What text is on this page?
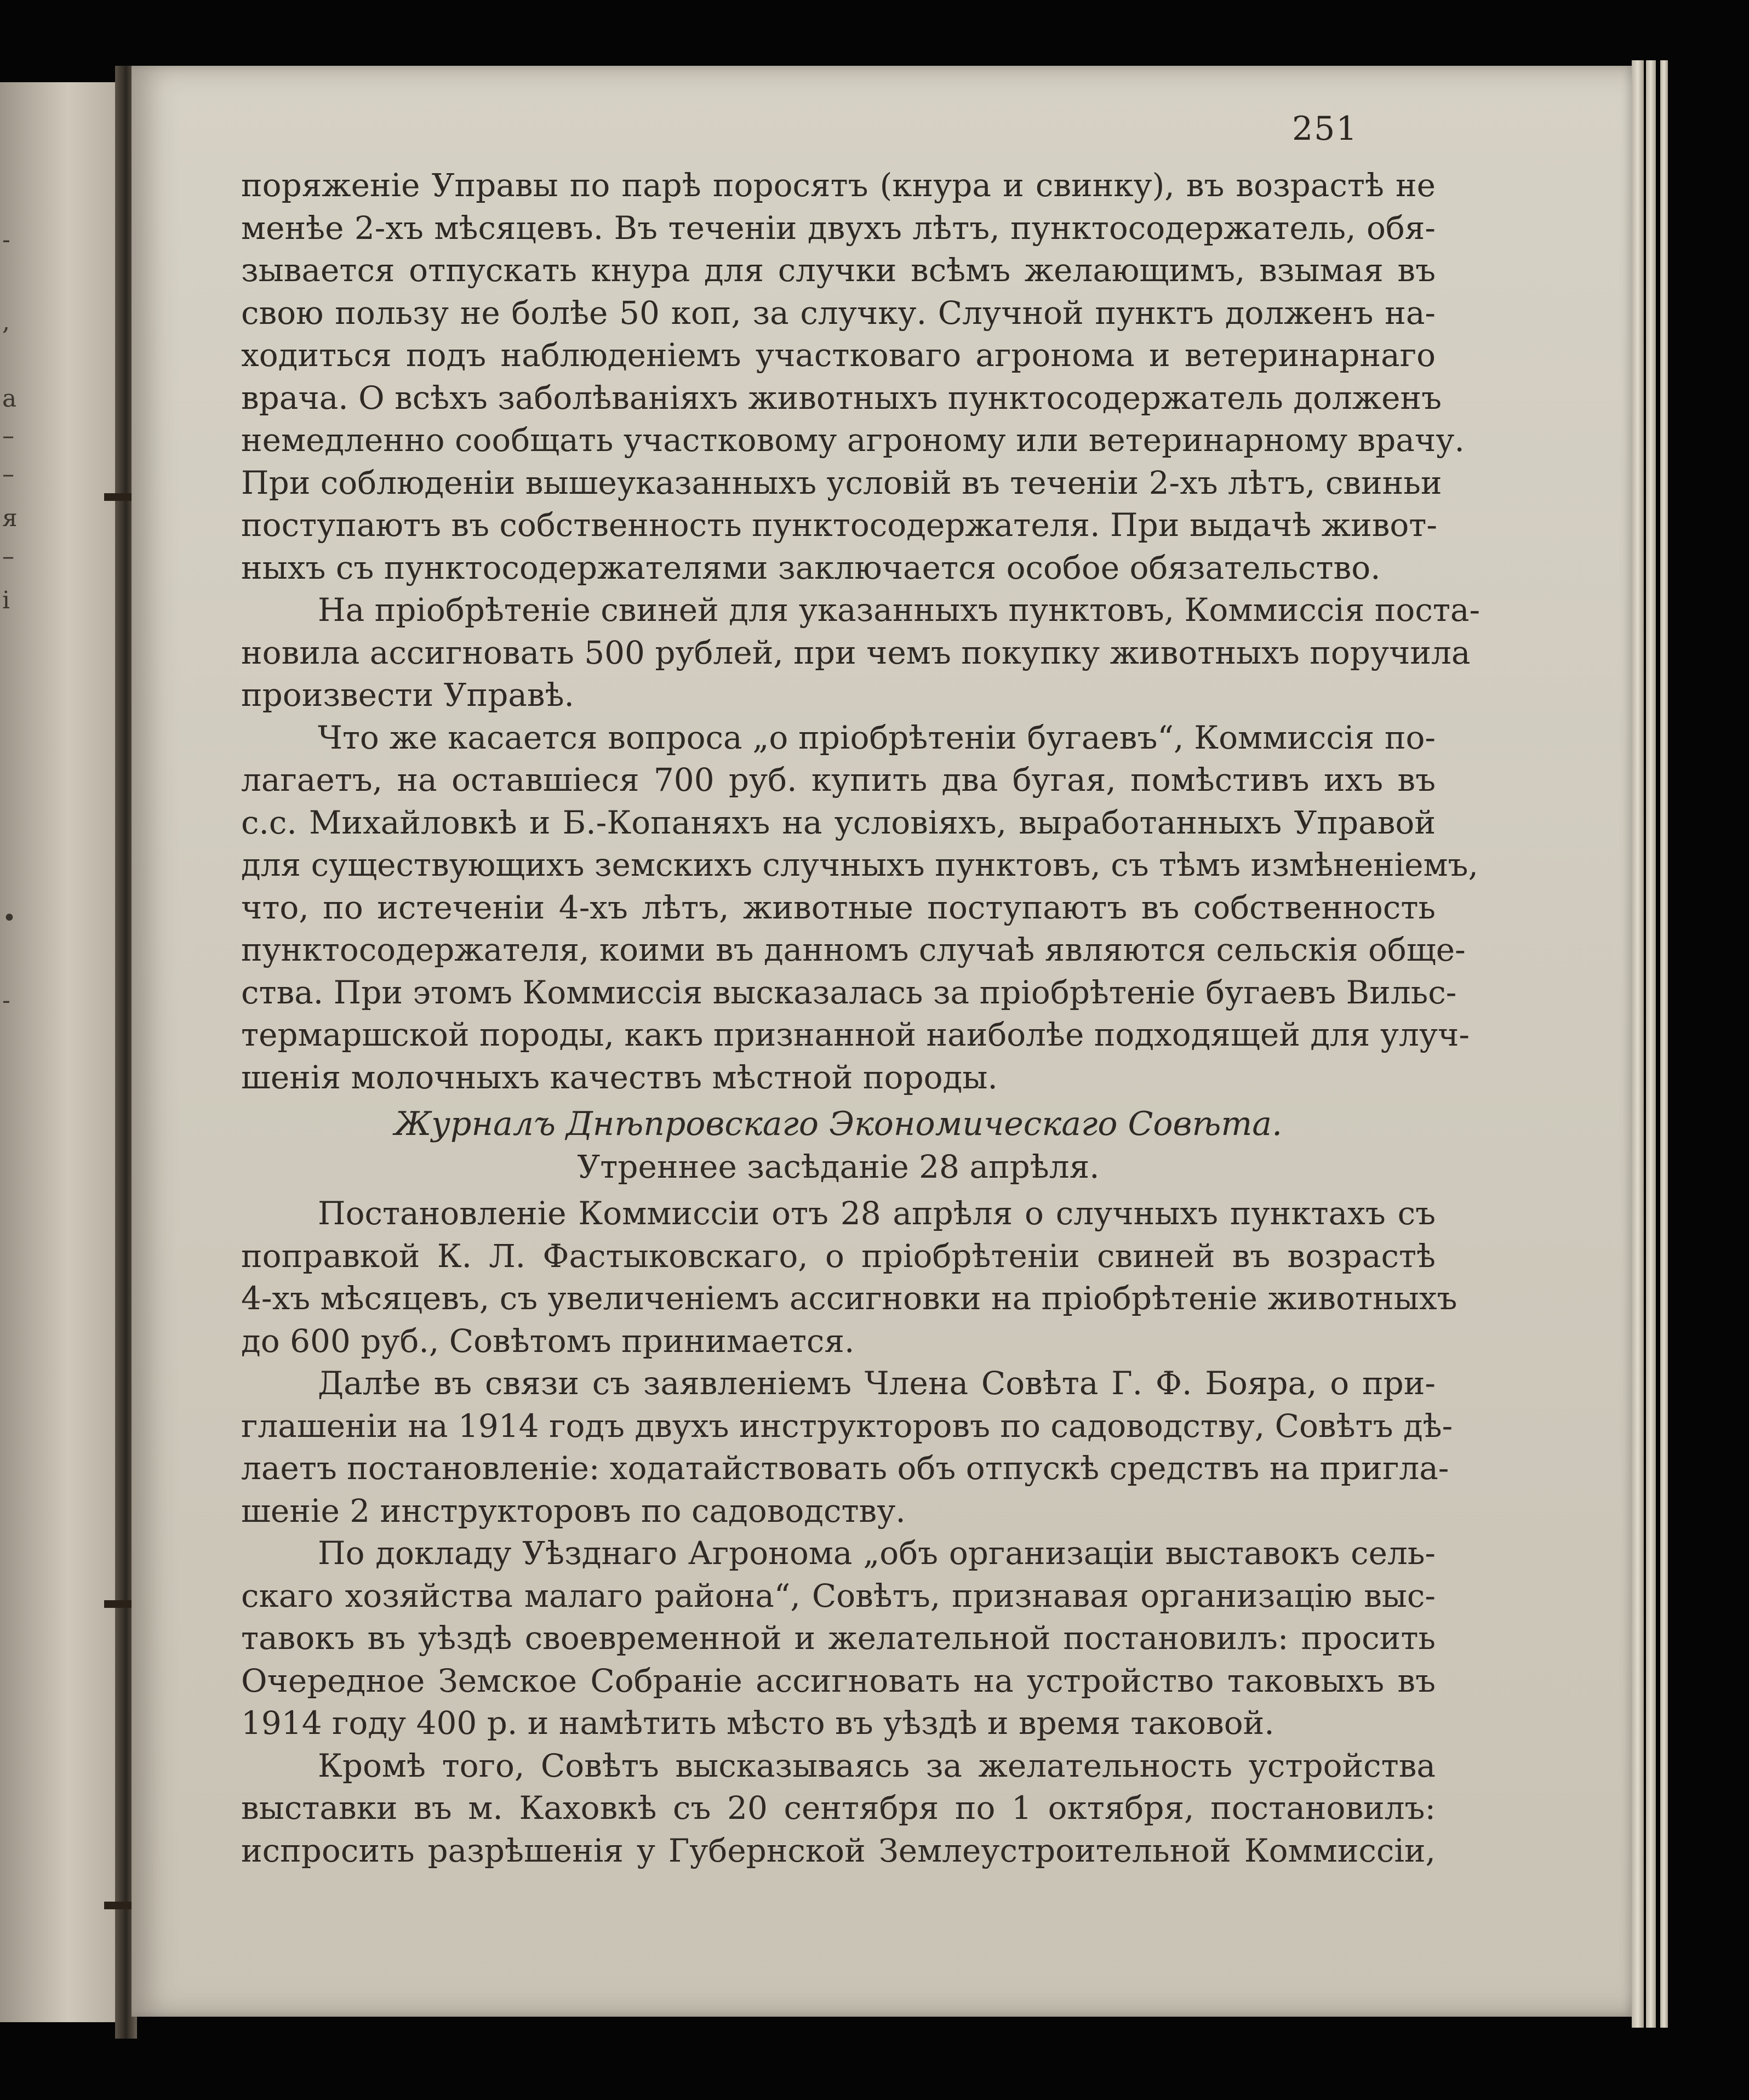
-
,
а
–
–
я
–
і
•
-
251
поряженіе Управы по парѣ поросятъ (кнура и свинку), въ возрастѣ не
менѣе 2-хъ мѣсяцевъ. Въ теченіи двухъ лѣтъ, пунктосодержатель, обя-
зывается отпускать кнура для случки всѣмъ желающимъ, взымая въ
свою пользу не болѣе 50 коп, за случку. Случной пунктъ долженъ на-
ходиться подъ наблюденіемъ участковаго агронома и ветеринарнаго
врача. О всѣхъ заболѣваніяхъ животныхъ пунктосодержатель долженъ
немедленно сообщать участковому агроному или ветеринарному врачу.
При соблюденіи вышеуказанныхъ условій въ теченіи 2-хъ лѣтъ, свиньи
поступаютъ въ собственность пунктосодержателя. При выдачѣ живот-
ныхъ съ пунктосодержателями заключается особое обязательство.
На пріобрѣтеніе свиней для указанныхъ пунктовъ, Коммиссія поста-
новила ассигновать 500 рублей, при чемъ покупку животныхъ поручила
произвести Управѣ.
Что же касается вопроса „о пріобрѣтеніи бугаевъ“, Коммиссія по-
лагаетъ, на оставшіеся 700 руб. купить два бугая, помѣстивъ ихъ въ
с.с. Михайловкѣ и Б.-Копаняхъ на условіяхъ, выработанныхъ Управой
для существующихъ земскихъ случныхъ пунктовъ, съ тѣмъ измѣненіемъ,
что, по истеченіи 4-хъ лѣтъ, животные поступаютъ въ собственность
пунктосодержателя, коими въ данномъ случаѣ являются сельскія обще-
ства. При этомъ Коммиссія высказалась за пріобрѣтеніе бугаевъ Вильс-
термаршской породы, какъ признанной наиболѣе подходящей для улуч-
шенія молочныхъ качествъ мѣстной породы.
Журналъ Днѣпровскаго Экономическаго Совѣта.
Утреннее засѣданіе 28 апрѣля.
Постановленіе Коммиссіи отъ 28 апрѣля о случныхъ пунктахъ съ
поправкой К. Л. Фастыковскаго, о пріобрѣтеніи свиней въ возрастѣ
4-хъ мѣсяцевъ, съ увеличеніемъ ассигновки на пріобрѣтеніе животныхъ
до 600 руб., Совѣтомъ принимается.
Далѣе въ связи съ заявленіемъ Члена Совѣта Г. Ф. Бояра, о при-
глашеніи на 1914 годъ двухъ инструкторовъ по садоводству, Совѣтъ дѣ-
лаетъ постановленіе: ходатайствовать объ отпускѣ средствъ на пригла-
шеніе 2 инструкторовъ по садоводству.
По докладу Уѣзднаго Агронома „объ организаціи выставокъ сель-
скаго хозяйства малаго района“, Совѣтъ, признавая организацію выс-
тавокъ въ уѣздѣ своевременной и желательной постановилъ: просить
Очередное Земское Собраніе ассигновать на устройство таковыхъ въ
1914 году 400 р. и намѣтить мѣсто въ уѣздѣ и время таковой.
Кромѣ того, Совѣтъ высказываясь за желательность устройства
выставки въ м. Каховкѣ съ 20 сентября по 1 октября, постановилъ:
испросить разрѣшенія у Губернской Землеустроительной Коммиссіи,
